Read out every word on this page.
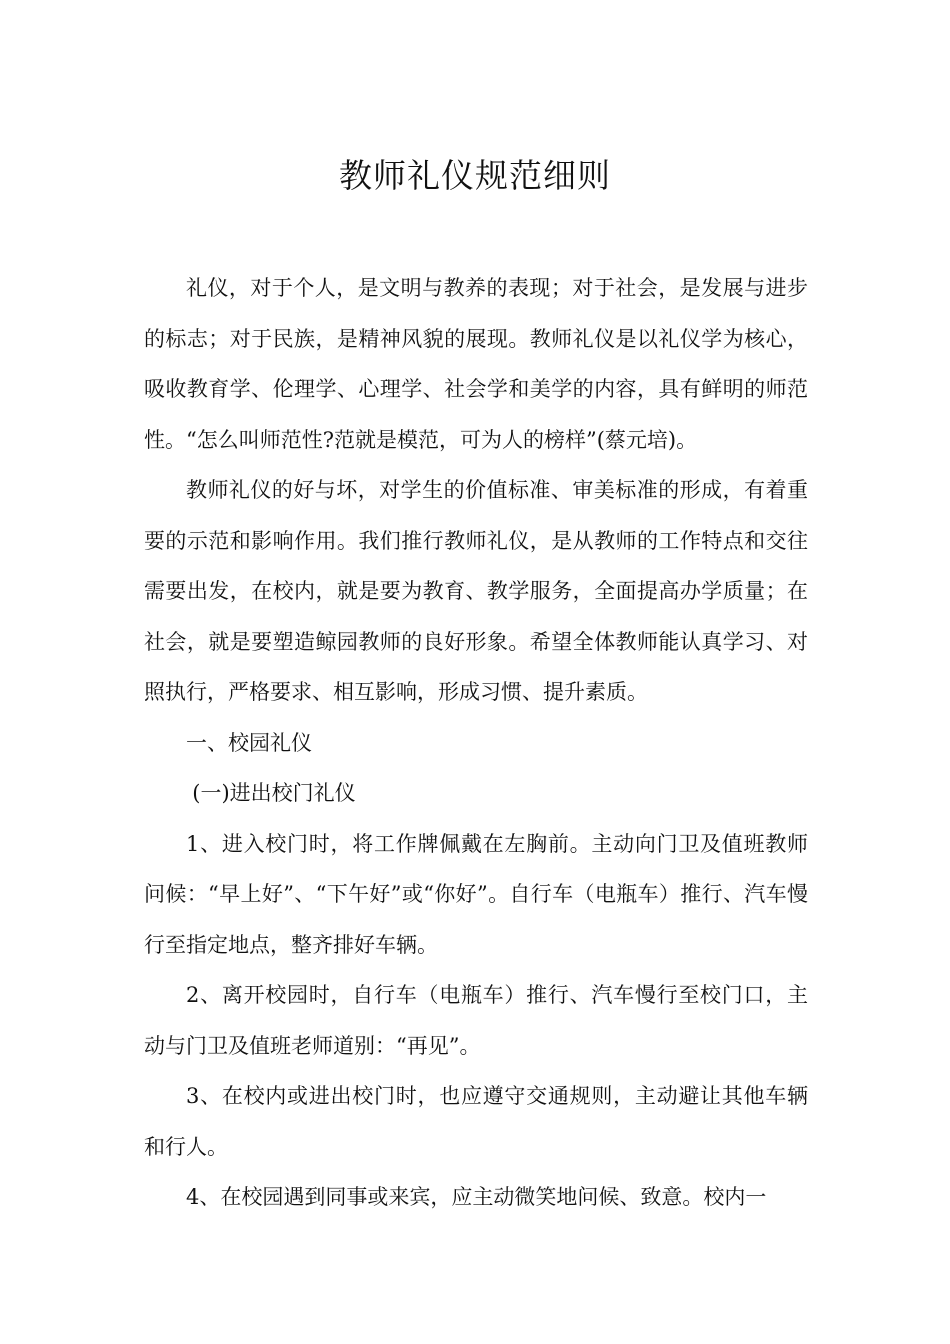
教师礼仪规范细则

礼仪，对于个人，是文明与教养的表现；对于社会，是发展与进步的标志；对于民族，是精神风貌的展现。教师礼仪是以礼仪学为核心，吸收教育学、伦理学、心理学、社会学和美学的内容，具有鲜明的师范性。“怎么叫师范性?范就是模范，可为人的榜样”(蔡元培)。

教师礼仪的好与坏，对学生的价值标准、审美标准的形成，有着重要的示范和影响作用。我们推行教师礼仪，是从教师的工作特点和交往需要出发，在校内，就是要为教育、教学服务，全面提高办学质量；在社会，就是要塑造鲸园教师的良好形象。希望全体教师能认真学习、对照执行，严格要求、相互影响，形成习惯、提升素质。

一、校园礼仪

(一)进出校门礼仪

1、进入校门时，将工作牌佩戴在左胸前。主动向门卫及值班教师问候：“早上好”、“下午好”或“你好”。自行车（电瓶车）推行、汽车慢行至指定地点，整齐排好车辆。

2、离开校园时，自行车（电瓶车）推行、汽车慢行至校门口，主动与门卫及值班老师道别：“再见”。

3、在校内或进出校门时，也应遵守交通规则，主动避让其他车辆和行人。

4、在校园遇到同事或来宾，应主动微笑地问候、致意。校内一
